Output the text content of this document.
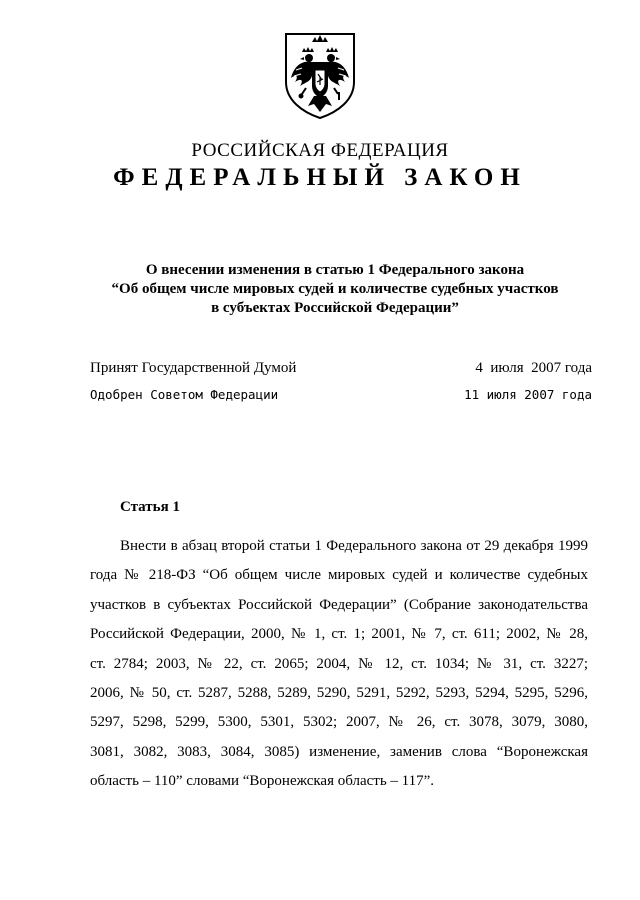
РОССИЙСКАЯ ФЕДЕРАЦИЯ
ФЕДЕРАЛЬНЫЙ ЗАКОН
О внесении изменения в статью 1 Федерального закона
“Об общем числе мировых судей и количестве судебных участков
в субъектах Российской Федерации”
Принят Государственной Думой	4  июля  2007 года
Одобрен Советом Федерации	11 июля 2007 года
Статья 1
Внести в абзац второй статьи 1 Федерального закона от 29 декабря 1999
года № 218-ФЗ “Об общем числе мировых судей и количестве судебных
участков в субъектах Российской Федерации” (Собрание законодательства
Российской Федерации, 2000, № 1, ст. 1; 2001, № 7, ст. 611; 2002, № 28,
ст. 2784; 2003, № 22, ст. 2065; 2004, № 12, ст. 1034; № 31, ст. 3227;
2006, № 50, ст. 5287, 5288, 5289, 5290, 5291, 5292, 5293, 5294, 5295, 5296,
5297, 5298, 5299, 5300, 5301, 5302; 2007, № 26, ст. 3078, 3079, 3080,
3081, 3082, 3083, 3084, 3085) изменение, заменив слова “Воронежская
область – 110” словами “Воронежская область – 117”.
